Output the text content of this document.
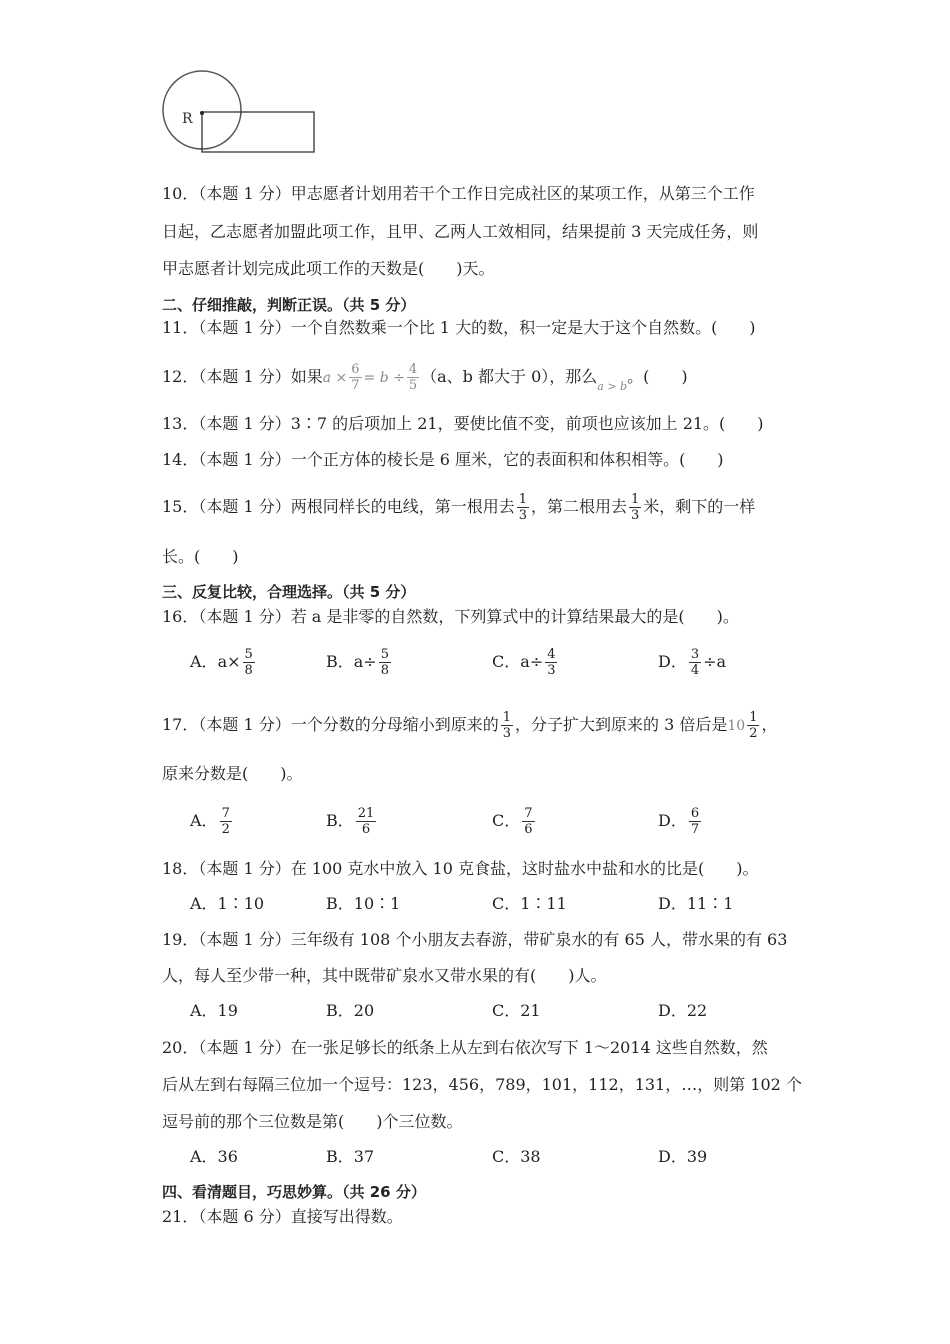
R
10．（本题 1 分）甲志愿者计划用若干个工作日完成社区的某项工作，从第三个工作
日起，乙志愿者加盟此项工作，且甲、乙两人工效相同，结果提前 3 天完成任务，则
甲志愿者计划完成此项工作的天数是(　　)天。
二、仔细推敲，判断正误。（共 5 分）
11．（本题 1 分）一个自然数乘一个比 1 大的数，积一定是大于这个自然数。(　　)
12．（本题 1 分）如果$a \times \frac{6}{7} = b \div \frac{4}{5} (a$、b 都大于 0），那么$_{a > b}$。(　　)
13．（本题 1 分）3∶7 的后项加上 21，要使比值不变，前项也应该加上 21。(　　)
14．（本题 1 分）一个正方体的棱长是 6 厘米，它的表面积和体积相等。(　　)
15．（本题 1 分）两根同样长的电线，第一根用去 $\frac{1}{3}$ ，第二根用去 $\frac{1}{3}$ 米，剩下的一样
长。(　　)
三、反复比较，合理选择。（共 5 分）
16．（本题 1 分）若 a 是非零的自然数，下列算式中的计算结果最大的是(　　)。
A．$a\times \frac{5}{8}$	B．$a\div \frac{5}{8}$	C．$a\div \frac{4}{3}$	D． $\frac{3}{4} \div a$
17．（本题 1 分）一个分数的分母缩小到原来的 $\frac{1}{3}$ ，分子扩大到原来的 3 倍后是$10 \frac{1}{2}$ ，
原来分数是(　　)。
A． $\frac{7}{2}$	B． $\frac{21}{6}$	C． $\frac{7}{6}$	D． $\frac{6}{7}$
18．（本题 1 分）在 100 克水中放入 10 克食盐，这时盐水中盐和水的比是(　　)。
A．1∶10	B．10∶1	C．1∶11	D．11∶1
19．（本题 1 分）三年级有 108 个小朋友去春游，带矿泉水的有 65 人，带水果的有 63
人，每人至少带一种，其中既带矿泉水又带水果的有(　　)人。
A．19	B．20	C．21	D．22
20．（本题 1 分）在一张足够长的纸条上从左到右依次写下 1～2014 这些自然数，然
后从左到右每隔三位加一个逗号：123，456，789，101，112，131，…，则第 102 个
逗号前的那个三位数是第(　　)个三位数。
A．36	B．37	C．38	D．39
四、看清题目，巧思妙算。（共 26 分）
21．（本题 6 分）直接写出得数。
